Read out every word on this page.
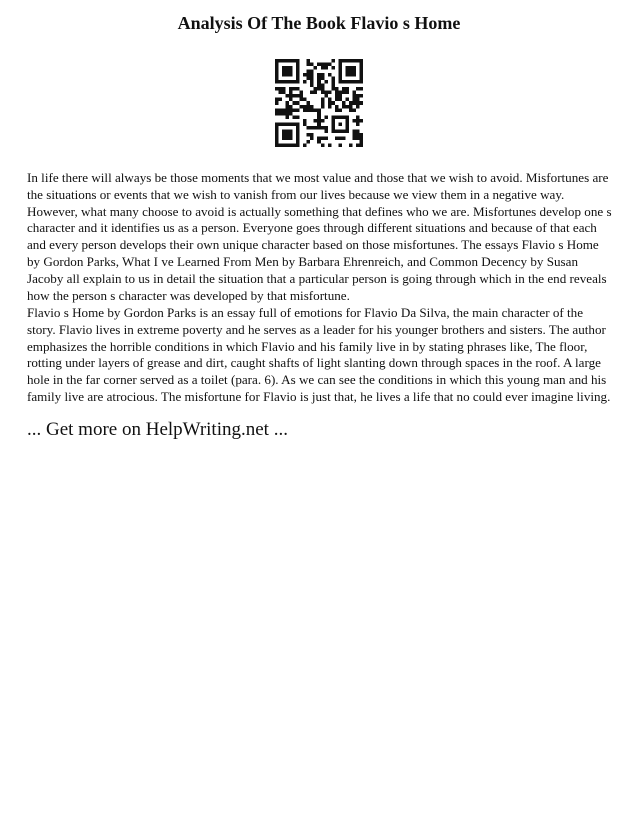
Analysis Of The Book Flavio s Home

In life there will always be those moments that we most value and those that we wish to avoid. Misfortunes are the situations or events that we wish to vanish from our lives because we view them in a negative way. However, what many choose to avoid is actually something that defines who we are. Misfortunes develop one s character and it identifies us as a person. Everyone goes through different situations and because of that each and every person develops their own unique character based on those misfortunes. The essays Flavio s Home by Gordon Parks, What I ve Learned From Men by Barbara Ehrenreich, and Common Decency by Susan Jacoby all explain to us in detail the situation that a particular person is going through which in the end reveals how the person s character was developed by that misfortune.

Flavio s Home by Gordon Parks is an essay full of emotions for Flavio Da Silva, the main character of the story. Flavio lives in extreme poverty and he serves as a leader for his younger brothers and sisters. The author emphasizes the horrible conditions in which Flavio and his family live in by stating phrases like, The floor, rotting under layers of grease and dirt, caught shafts of light slanting down through spaces in the roof. A large hole in the far corner served as a toilet (para. 6). As we can see the conditions in which this young man and his family live are atrocious. The misfortune for Flavio is just that, he lives a life that no could ever imagine living.

... Get more on HelpWriting.net ...
